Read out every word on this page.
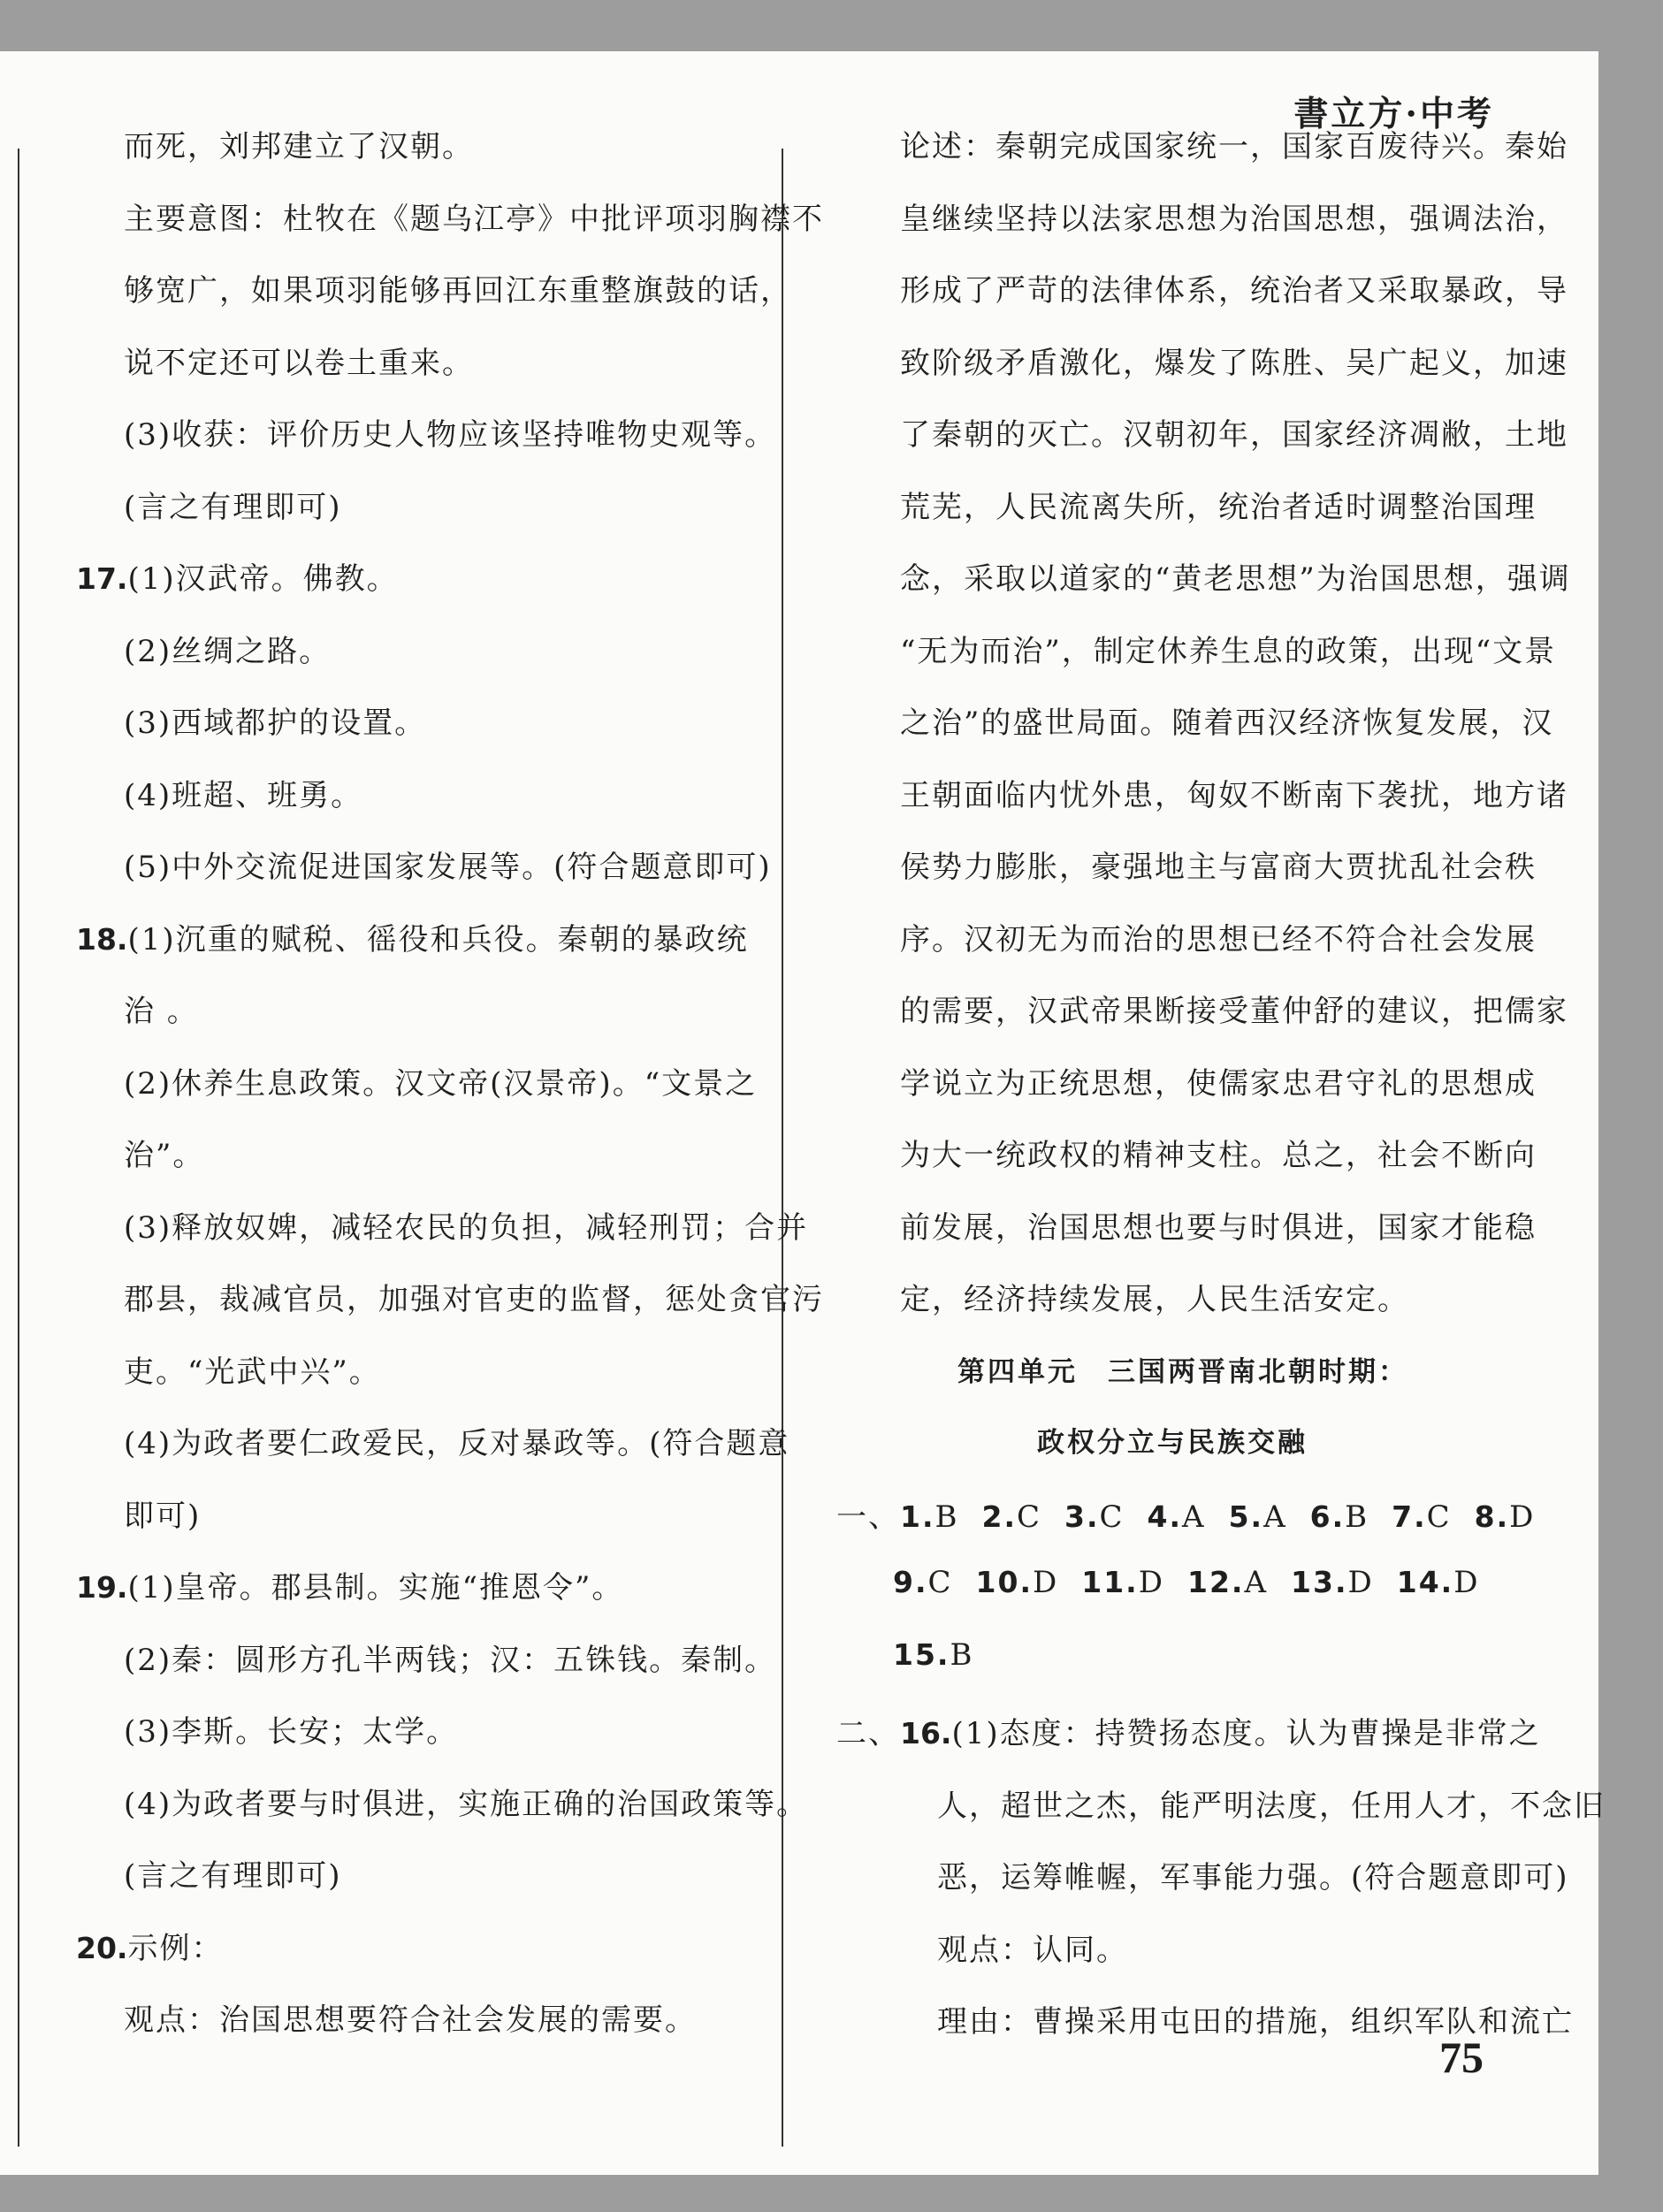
書立方·中考
而死，刘邦建立了汉朝。
主要意图：杜牧在《题乌江亭》中批评项羽胸襟不
够宽广，如果项羽能够再回江东重整旗鼓的话，
说不定还可以卷土重来。
(3)收获：评价历史人物应该坚持唯物史观等。
(言之有理即可)
17.(1)汉武帝。佛教。
(2)丝绸之路。
(3)西域都护的设置。
(4)班超、班勇。
(5)中外交流促进国家发展等。(符合题意即可)
18.(1)沉重的赋税、徭役和兵役。秦朝的暴政统
治 。
(2)休养生息政策。汉文帝(汉景帝)。“文景之
治”。
(3)释放奴婢，减轻农民的负担，减轻刑罚；合并
郡县，裁减官员，加强对官吏的监督，惩处贪官污
吏。“光武中兴”。
(4)为政者要仁政爱民，反对暴政等。(符合题意
即可)
19.(1)皇帝。郡县制。实施“推恩令”。
(2)秦：圆形方孔半两钱；汉：五铢钱。秦制。
(3)李斯。长安；太学。
(4)为政者要与时俱进，实施正确的治国政策等。
(言之有理即可)
20.示例：
观点：治国思想要符合社会发展的需要。
论述：秦朝完成国家统一，国家百废待兴。秦始
皇继续坚持以法家思想为治国思想，强调法治，
形成了严苛的法律体系，统治者又采取暴政，导
致阶级矛盾激化，爆发了陈胜、吴广起义，加速
了秦朝的灭亡。汉朝初年，国家经济凋敝，土地
荒芜，人民流离失所，统治者适时调整治国理
念，采取以道家的“黄老思想”为治国思想，强调
“无为而治”，制定休养生息的政策，出现“文景
之治”的盛世局面。随着西汉经济恢复发展，汉
王朝面临内忧外患，匈奴不断南下袭扰，地方诸
侯势力膨胀，豪强地主与富商大贾扰乱社会秩
序。汉初无为而治的思想已经不符合社会发展
的需要，汉武帝果断接受董仲舒的建议，把儒家
学说立为正统思想，使儒家忠君守礼的思想成
为大一统政权的精神支柱。总之，社会不断向
前发展，治国思想也要与时俱进，国家才能稳
定，经济持续发展，人民生活安定。
第四单元　三国两晋南北朝时期：
政权分立与民族交融
一、1.B 2.C 3.C 4.A 5.A 6.B 7.C 8.D
9.C 10.D 11.D 12.A 13.D 14.D
15.B
二、16.(1)态度：持赞扬态度。认为曹操是非常之
人，超世之杰，能严明法度，任用人才，不念旧
恶，运筹帷幄，军事能力强。(符合题意即可)
观点：认同。
理由：曹操采用屯田的措施，组织军队和流亡
75
